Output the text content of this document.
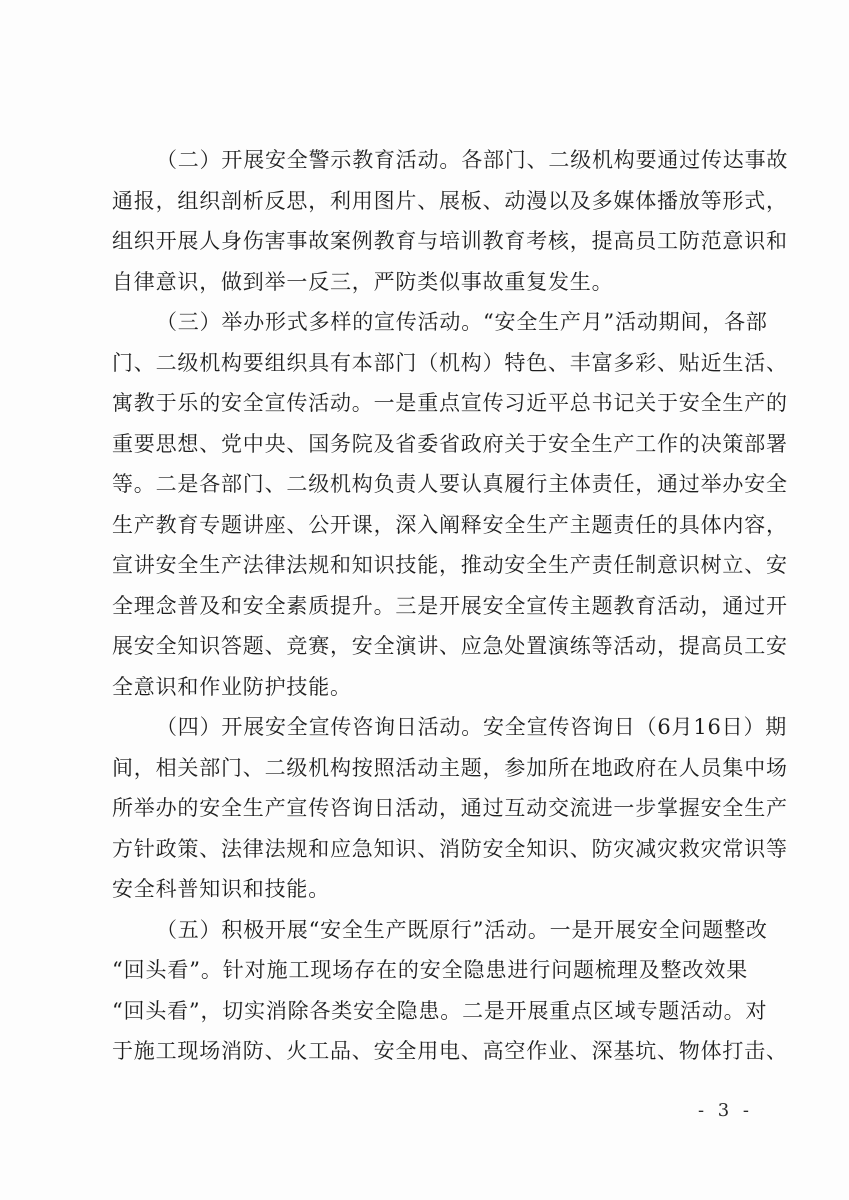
（二）开展安全警示教育活动。各部门、二级机构要通过传达事故
通报，组织剖析反思，利用图片、展板、动漫以及多媒体播放等形式，
组织开展人身伤害事故案例教育与培训教育考核，提高员工防范意识和
自律意识，做到举一反三，严防类似事故重复发生。

（三）举办形式多样的宣传活动。“安全生产月”活动期间，各部
门、二级机构要组织具有本部门（机构）特色、丰富多彩、贴近生活、
寓教于乐的安全宣传活动。一是重点宣传习近平总书记关于安全生产的
重要思想、党中央、国务院及省委省政府关于安全生产工作的决策部署
等。二是各部门、二级机构负责人要认真履行主体责任，通过举办安全
生产教育专题讲座、公开课，深入阐释安全生产主题责任的具体内容，
宣讲安全生产法律法规和知识技能，推动安全生产责任制意识树立、安
全理念普及和安全素质提升。三是开展安全宣传主题教育活动，通过开
展安全知识答题、竞赛，安全演讲、应急处置演练等活动，提高员工安
全意识和作业防护技能。

（四）开展安全宣传咨询日活动。安全宣传咨询日（6月16日）期
间，相关部门、二级机构按照活动主题，参加所在地政府在人员集中场
所举办的安全生产宣传咨询日活动，通过互动交流进一步掌握安全生产
方针政策、法律法规和应急知识、消防安全知识、防灾减灾救灾常识等
安全科普知识和技能。

（五）积极开展“安全生产既原行”活动。一是开展安全问题整改
“回头看”。针对施工现场存在的安全隐患进行问题梳理及整改效果
“回头看”，切实消除各类安全隐患。二是开展重点区域专题活动。对
于施工现场消防、火工品、安全用电、高空作业、深基坑、物体打击、

- 3 -
